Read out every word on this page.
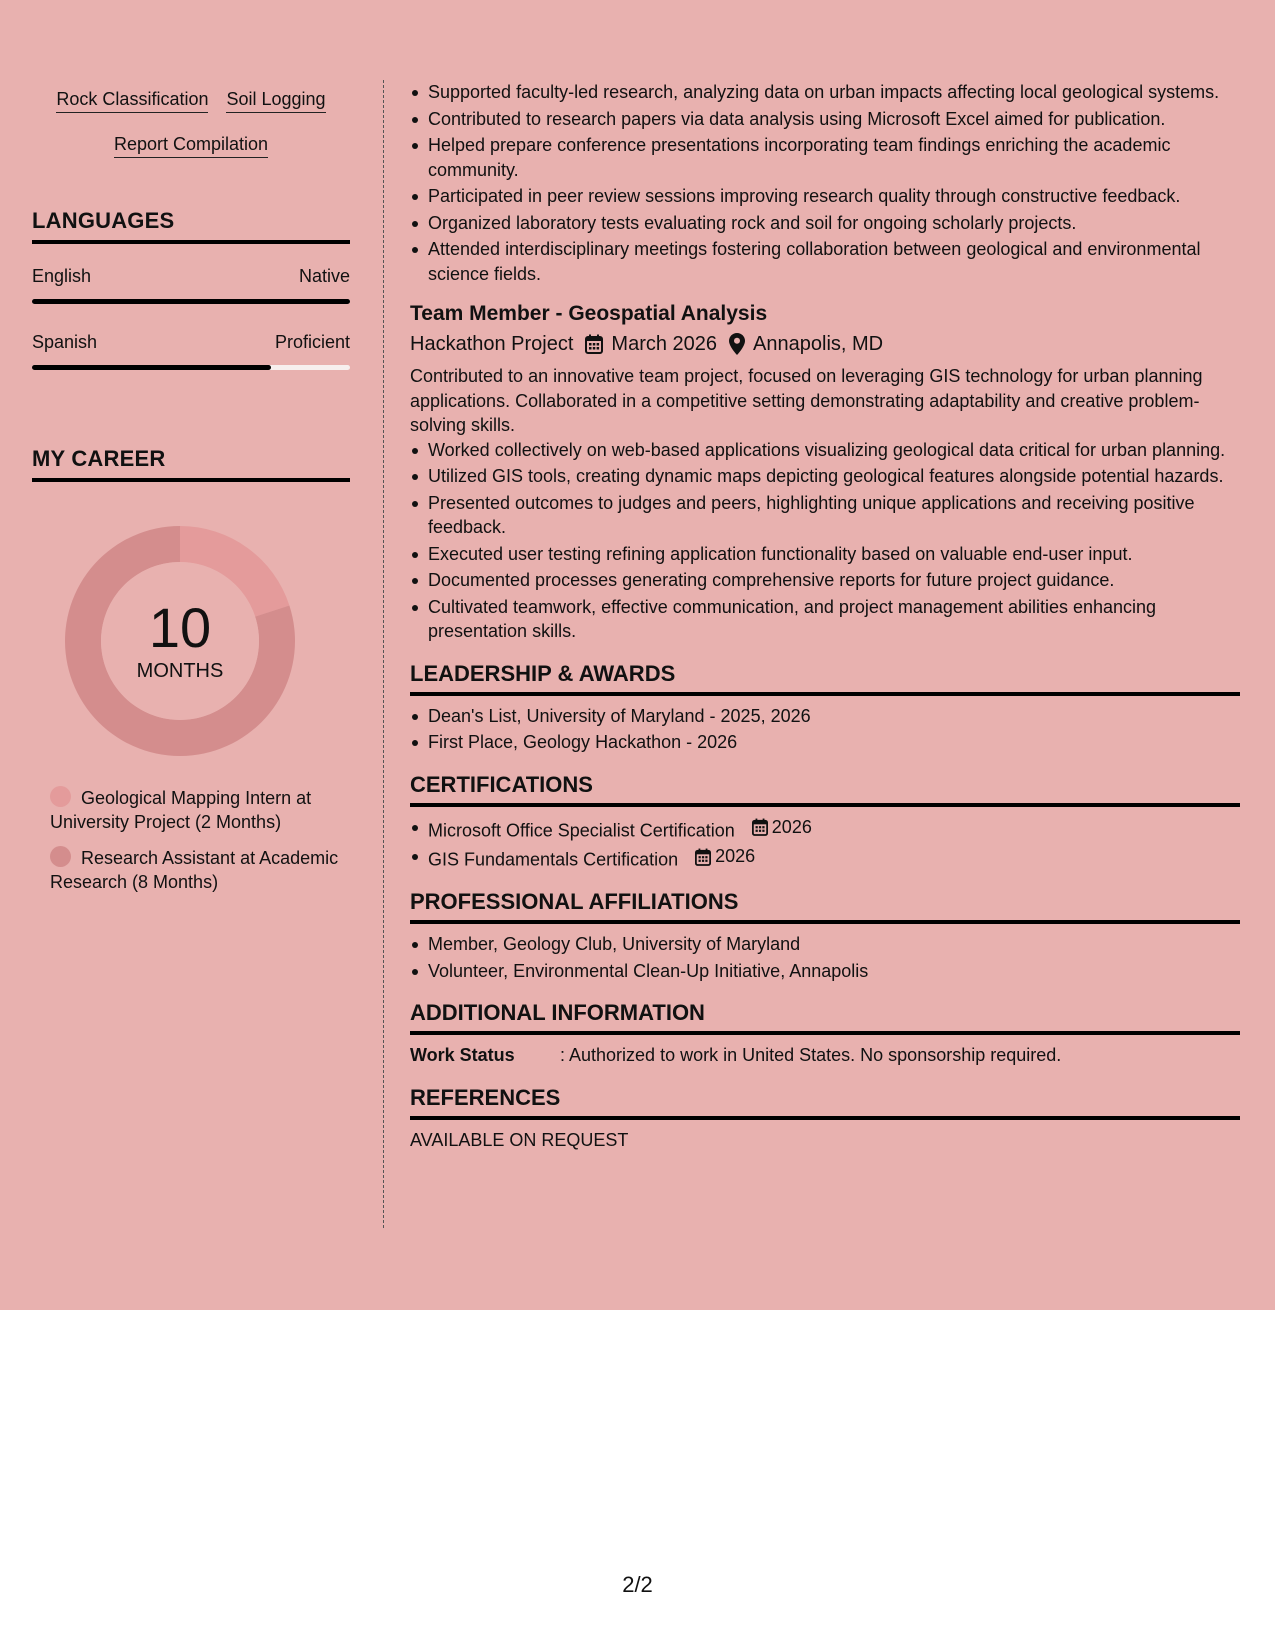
Rock Classification Soil Logging
Report Compilation
LANGUAGES
English	Native
Spanish	Proficient
MY CAREER
10
MONTHS
Geological Mapping Intern at University Project (2 Months)
Research Assistant at Academic Research (8 Months)
Supported faculty-led research, analyzing data on urban impacts affecting local geological systems.
Contributed to research papers via data analysis using Microsoft Excel aimed for publication.
Helped prepare conference presentations incorporating team findings enriching the academic community.
Participated in peer review sessions improving research quality through constructive feedback.
Organized laboratory tests evaluating rock and soil for ongoing scholarly projects.
Attended interdisciplinary meetings fostering collaboration between geological and environmental science fields.
Team Member - Geospatial Analysis
Hackathon Project March 2026 Annapolis, MD
Contributed to an innovative team project, focused on leveraging GIS technology for urban planning applications. Collaborated in a competitive setting demonstrating adaptability and creative problem-solving skills.
Worked collectively on web-based applications visualizing geological data critical for urban planning.
Utilized GIS tools, creating dynamic maps depicting geological features alongside potential hazards.
Presented outcomes to judges and peers, highlighting unique applications and receiving positive feedback.
Executed user testing refining application functionality based on valuable end-user input.
Documented processes generating comprehensive reports for future project guidance.
Cultivated teamwork, effective communication, and project management abilities enhancing presentation skills.
LEADERSHIP & AWARDS
Dean's List, University of Maryland - 2025, 2026
First Place, Geology Hackathon - 2026
CERTIFICATIONS
Microsoft Office Specialist Certification 2026
GIS Fundamentals Certification 2026
PROFESSIONAL AFFILIATIONS
Member, Geology Club, University of Maryland
Volunteer, Environmental Clean-Up Initiative, Annapolis
ADDITIONAL INFORMATION
Work Status	: Authorized to work in United States. No sponsorship required.
REFERENCES
AVAILABLE ON REQUEST
2/2
